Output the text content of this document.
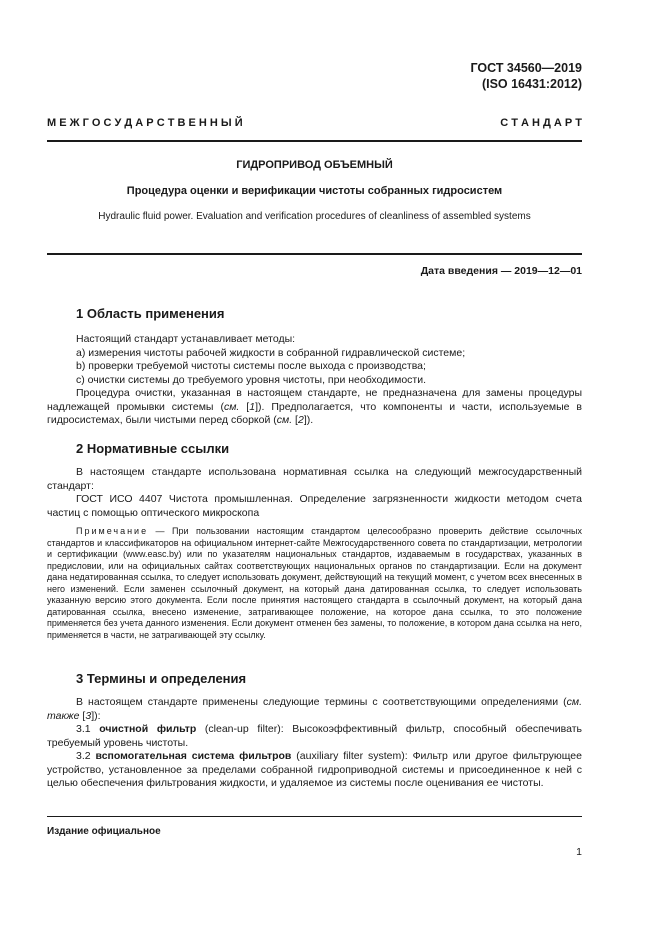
ГОСТ 34560—2019
(ISO 16431:2012)
М Е Ж Г О С У Д А Р С Т В Е Н Н Ы Й	С Т А Н Д А Р Т
ГИДРОПРИВОД ОБЪЕМНЫЙ
Процедура оценки и верификации чистоты собранных гидросистем
Hydraulic fluid power. Evaluation and verification procedures of cleanliness of assembled systems
Дата введения — 2019—12—01
1 Область применения

Настоящий стандарт устанавливает методы:

a) измерения чистоты рабочей жидкости в собранной гидравлической системе;

b) проверки требуемой чистоты системы после выхода с производства;

c) очистки системы до требуемого уровня чистоты, при необходимости.

Процедура очистки, указанная в настоящем стандарте, не предназначена для замены процедуры надлежащей промывки системы (см. [1]). Предполагается, что компоненты и части, используемые в гидросистемах, были чистыми перед сборкой (см. [2]).

2 Нормативные ссылки

В настоящем стандарте использована нормативная ссылка на следующий межгосударственный стандарт:

ГОСТ ИСО 4407 Чистота промышленная. Определение загрязненности жидкости методом счета частиц с помощью оптического микроскопа

Примечание — При пользовании настоящим стандартом целесообразно проверить действие ссылочных стандартов и классификаторов на официальном интернет-сайте Межгосударственного совета по стандартизации, метрологии и сертификации (www.easc.by) или по указателям национальных стандартов, издаваемым в государствах, указанных в предисловии, или на официальных сайтах соответствующих национальных органов по стандартизации. Если на документ дана недатированная ссылка, то следует использовать документ, действующий на текущий момент, с учетом всех внесенных в него изменений. Если заменен ссылочный документ, на который дана датированная ссылка, то следует использовать указанную версию этого документа. Если после принятия настоящего стандарта в ссылочный документ, на который дана датированная ссылка, внесено изменение, затрагивающее положение, на которое дана ссылка, то это положение применяется без учета данного изменения. Если документ отменен без замены, то положение, в котором дана ссылка на него, применяется в части, не затрагивающей эту ссылку.

3 Термины и определения

В настоящем стандарте применены следующие термины с соответствующими определениями (см. также [3]):

3.1 очистной фильтр (clean-up filter): Высокоэффективный фильтр, способный обеспечивать требуемый уровень чистоты.

3.2 вспомогательная система фильтров (auxiliary filter system): Фильтр или другое фильтрующее устройство, установленное за пределами собранной гидроприводной системы и присоединенное к ней с целью обеспечения фильтрования жидкости, и удаляемое из системы после оценивания ее чистоты.

Издание официальное
1
